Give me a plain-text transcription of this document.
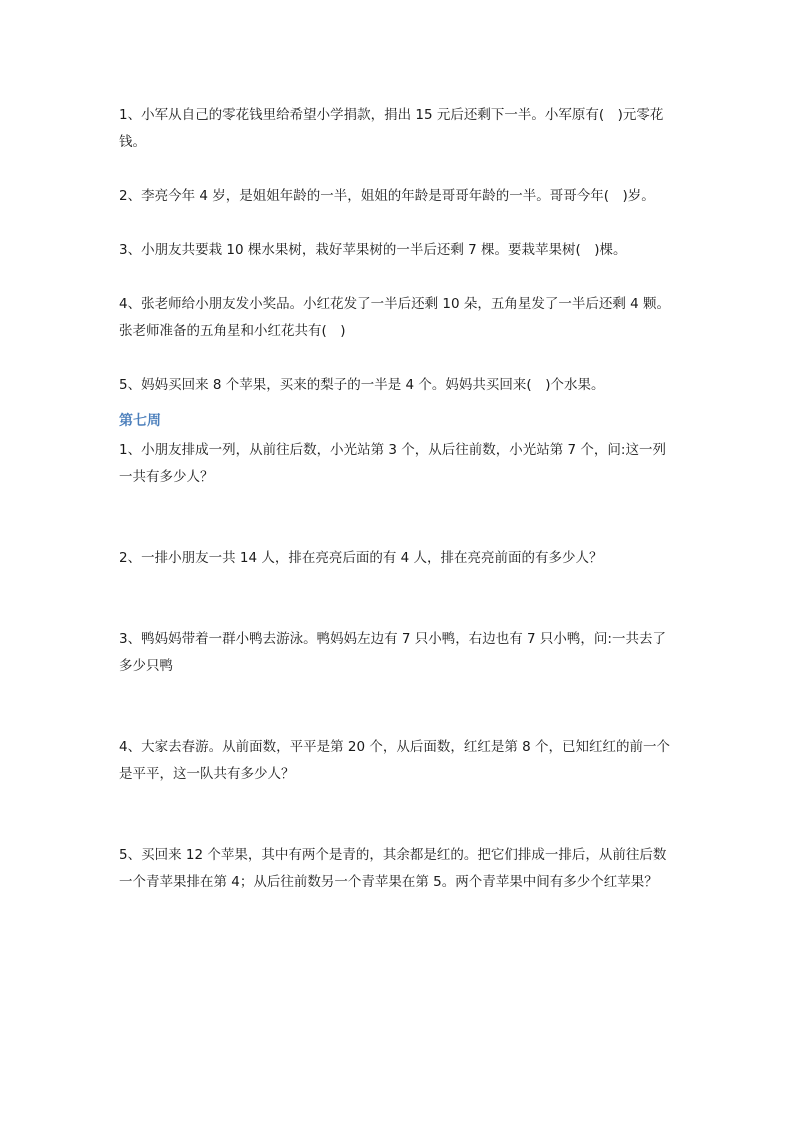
1、小军从自己的零花钱里给希望小学捐款，捐出 15 元后还剩下一半。小军原有(　)元零花钱。

2、李亮今年 4 岁，是姐姐年龄的一半，姐姐的年龄是哥哥年龄的一半。哥哥今年(　)岁。

3、小朋友共要栽 10 棵水果树，栽好苹果树的一半后还剩 7 棵。要栽苹果树(　)棵。

4、张老师给小朋友发小奖品。小红花发了一半后还剩 10 朵，五角星发了一半后还剩 4 颗。张老师准备的五角星和小红花共有(　)

5、妈妈买回来 8 个苹果，买来的梨子的一半是 4 个。妈妈共买回来(　)个水果。

第七周

1、小朋友排成一列，从前往后数，小光站第 3 个，从后往前数，小光站第 7 个，问:这一列一共有多少人？

2、一排小朋友一共 14 人，排在亮亮后面的有 4 人，排在亮亮前面的有多少人？

3、鸭妈妈带着一群小鸭去游泳。鸭妈妈左边有 7 只小鸭，右边也有 7 只小鸭，问:一共去了多少只鸭

4、大家去春游。从前面数，平平是第 20 个，从后面数，红红是第 8 个，已知红红的前一个是平平，这一队共有多少人？

5、买回来 12 个苹果，其中有两个是青的，其余都是红的。把它们排成一排后，从前往后数一个青苹果排在第 4；从后往前数另一个青苹果在第 5。两个青苹果中间有多少个红苹果？
